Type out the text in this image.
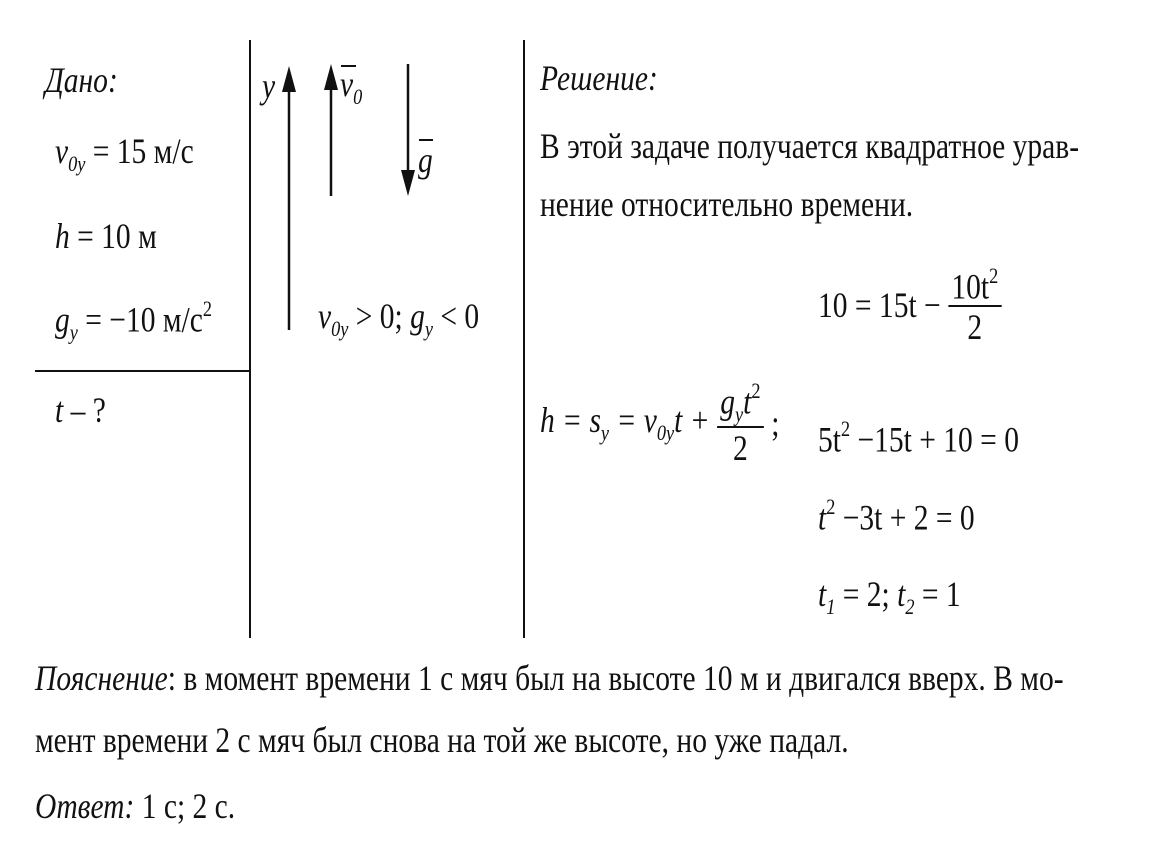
Дано:
$v_{0y} = 15$ м/с
h = 10 м
$g_y = -10$ $м/с^2$
t – ?
y $v_0$
g
$v_{0y} > 0$; $g_y < 0$
Решение:
В этой задаче получается квадратное урав-
нение относительно времени.
$10 = 15t - \frac{10t^2}{2}$
$h = s_y = v_{0y}t + \frac{g_yt^2}{2}$ ; $5t^2 -15t + 10 = 0$
$t^2 -3t + 2 = 0$
$t_1 = 2$; $t_2 = 1$
Пояснение: в момент времени 1 с мяч был на высоте 10 м и двигался вверх. В мо-
мент времени 2 с мяч был снова на той же высоте, но уже падал.
Ответ: 1 с; 2 с.
